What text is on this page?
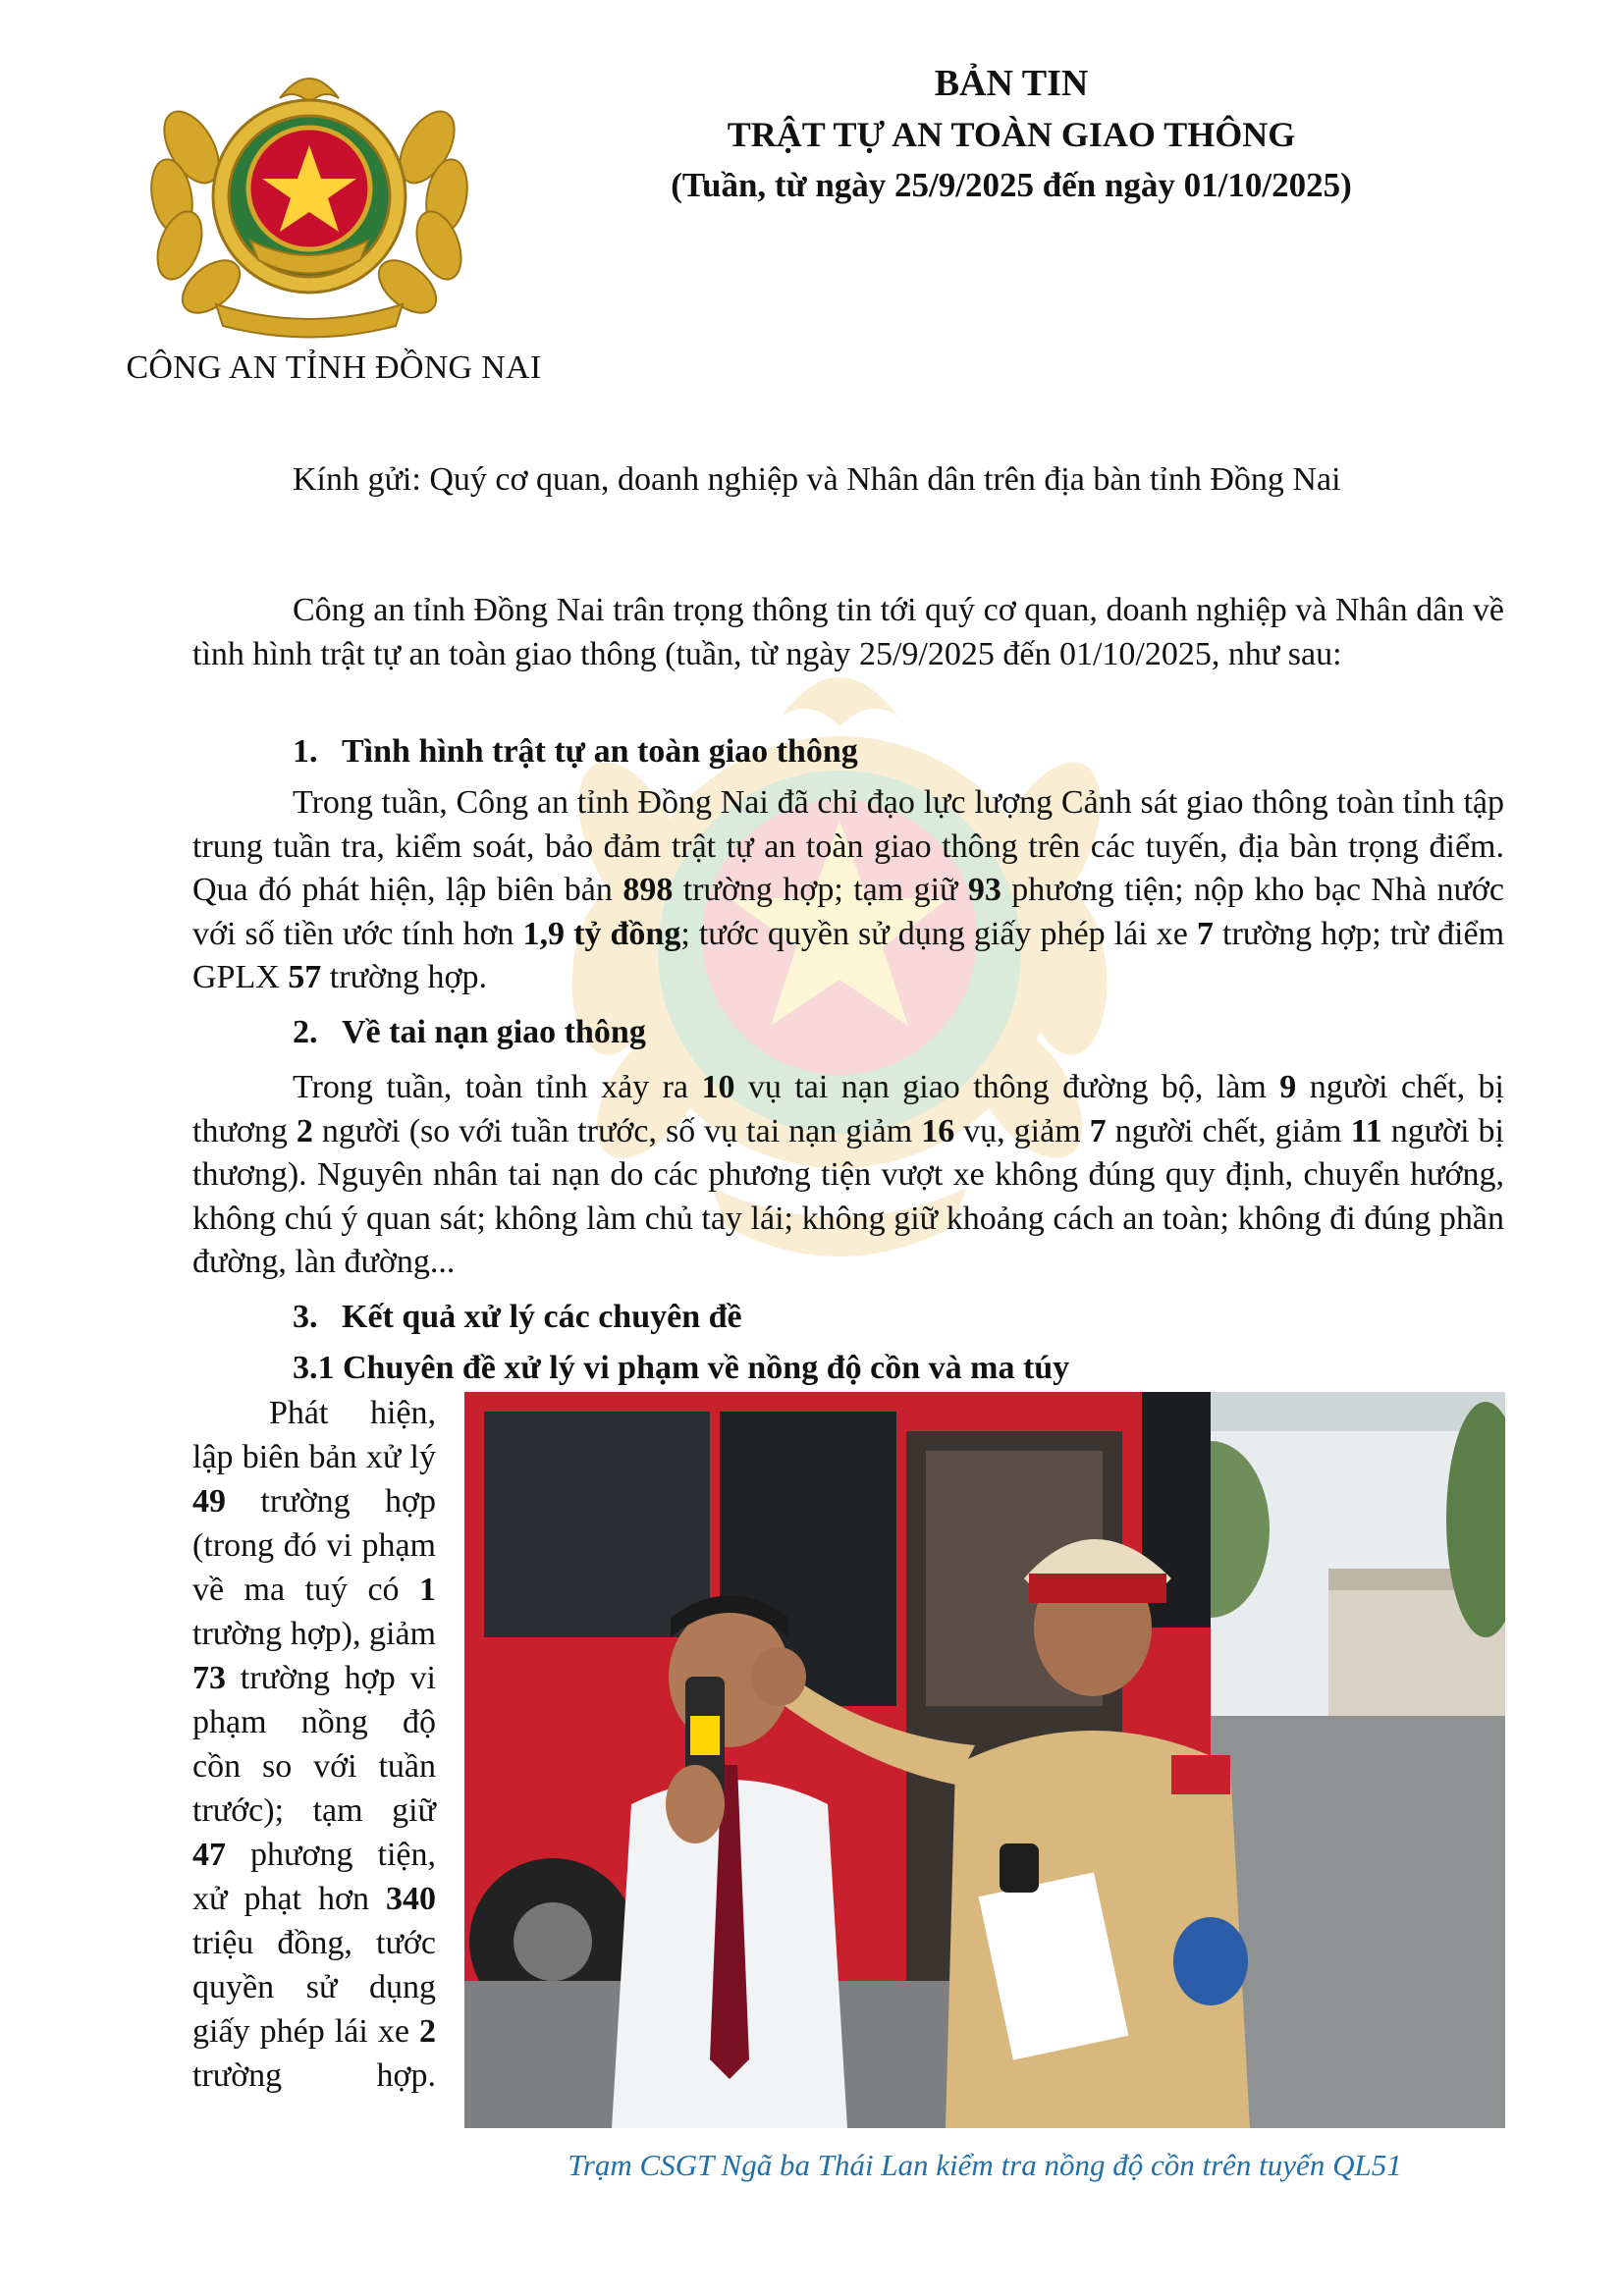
CÔNG AN TỈNH ĐỒNG NAI
BẢN TIN
TRẬT TỰ AN TOÀN GIAO THÔNG
(Tuần, từ ngày 25/9/2025 đến ngày 01/10/2025)
Kính gửi: Quý cơ quan, doanh nghiệp và Nhân dân trên địa bàn tỉnh Đồng Nai

Công an tỉnh Đồng Nai trân trọng thông tin tới quý cơ quan, doanh nghiệp và Nhân dân về tình hình trật tự an toàn giao thông (tuần, từ ngày 25/9/2025 đến 01/10/2025, như sau:

1. Tình hình trật tự an toàn giao thông

Trong tuần, Công an tỉnh Đồng Nai đã chỉ đạo lực lượng Cảnh sát giao thông toàn tỉnh tập trung tuần tra, kiểm soát, bảo đảm trật tự an toàn giao thông trên các tuyến, địa bàn trọng điểm. Qua đó phát hiện, lập biên bản 898 trường hợp; tạm giữ 93 phương tiện; nộp kho bạc Nhà nước với số tiền ước tính hơn 1,9 tỷ đồng; tước quyền sử dụng giấy phép lái xe 7 trường hợp; trừ điểm GPLX 57 trường hợp.

2. Về tai nạn giao thông

Trong tuần, toàn tỉnh xảy ra 10 vụ tai nạn giao thông đường bộ, làm 9 người chết, bị thương 2 người (so với tuần trước, số vụ tai nạn giảm 16 vụ, giảm 7 người chết, giảm 11 người bị thương). Nguyên nhân tai nạn do các phương tiện vượt xe không đúng quy định, chuyển hướng, không chú ý quan sát; không làm chủ tay lái; không giữ khoảng cách an toàn; không đi đúng phần đường, làn đường...

3. Kết quả xử lý các chuyên đề

3.1 Chuyên đề xử lý vi phạm về nồng độ cồn và ma túy

Phát hiện, lập biên bản xử lý 49 trường hợp (trong đó vi phạm về ma tuý có 1 trường hợp), giảm 73 trường hợp vi phạm nồng độ cồn so với tuần trước); tạm giữ 47 phương tiện, xử phạt hơn 340 triệu đồng, tước quyền sử dụng giấy phép lái xe 2 trường hợp.

Trạm CSGT Ngã ba Thái Lan kiểm tra nồng độ cồn trên tuyến QL51
